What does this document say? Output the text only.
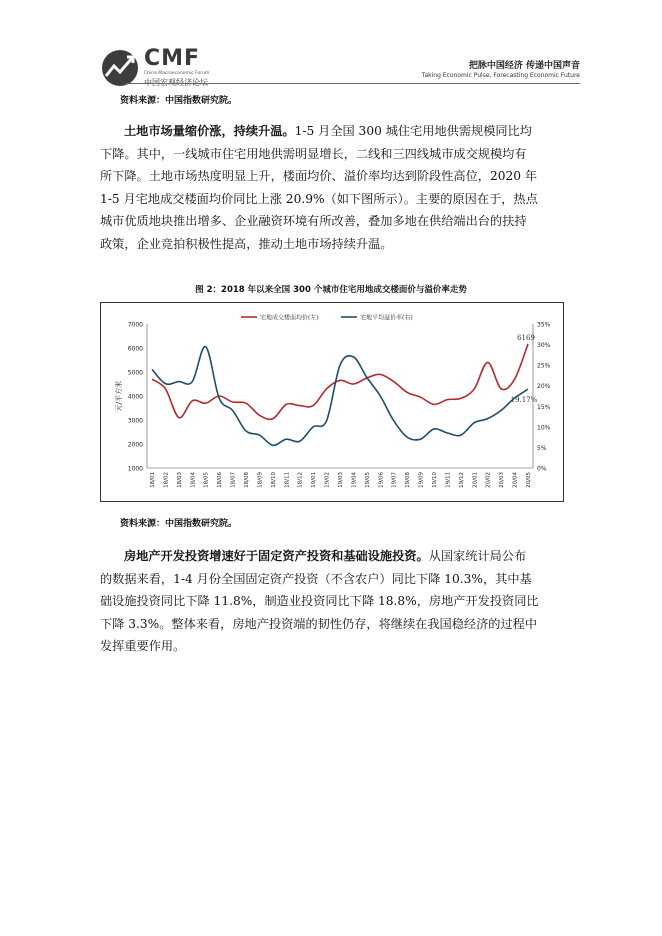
CMF
China Macroeconomic Forum
把脉中国经济 传递中国声音
Taking Economic Pulse, Forecasting Economic Future
资料来源：中国指数研究院。
土地市场量缩价涨，持续升温。1-5 月全国 300 城住宅用地供需规模同比均
下降。其中，一线城市住宅用地供需明显增长，二线和三四线城市成交规模均有
所下降。土地市场热度明显上升，楼面均价、溢价率均达到阶段性高位，2020 年
1-5 月宅地成交楼面均价同比上涨 20.9%（如下图所示）。主要的原因在于，热点
城市优质地块推出增多、企业融资环境有所改善，叠加多地在供给端出台的扶持
政策，企业竞拍积极性提高，推动土地市场持续升温。
图 2：2018 年以来全国 300 个城市住宅用地成交楼面价与溢价率走势
7000
6000
5000
4000
3000
2000
1000
35%
30%
25%
20%
15%
10%
5%
0%
元/平方米
18/01 18/02 18/03 18/04 18/05 18/06 18/07 18/08 18/09 18/10 18/11 18/12 19/01 19/02 19/03 19/04 19/05 19/06 19/07 19/08 19/09 19/10 19/11 19/12 20/01 20/02 20/03 20/04 20/05
宅地成交楼面均价(左)	宅地平均溢价率(右)
6169
19.17%
资料来源：中国指数研究院。
房地产开发投资增速好于固定资产投资和基础设施投资。从国家统计局公布
的数据来看，1-4 月份全国固定资产投资（不含农户）同比下降 10.3%，其中基
础设施投资同比下降 11.8%，制造业投资同比下降 18.8%，房地产开发投资同比
下降 3.3%。整体来看，房地产投资端的韧性仍存，将继续在我国稳经济的过程中
发挥重要作用。
